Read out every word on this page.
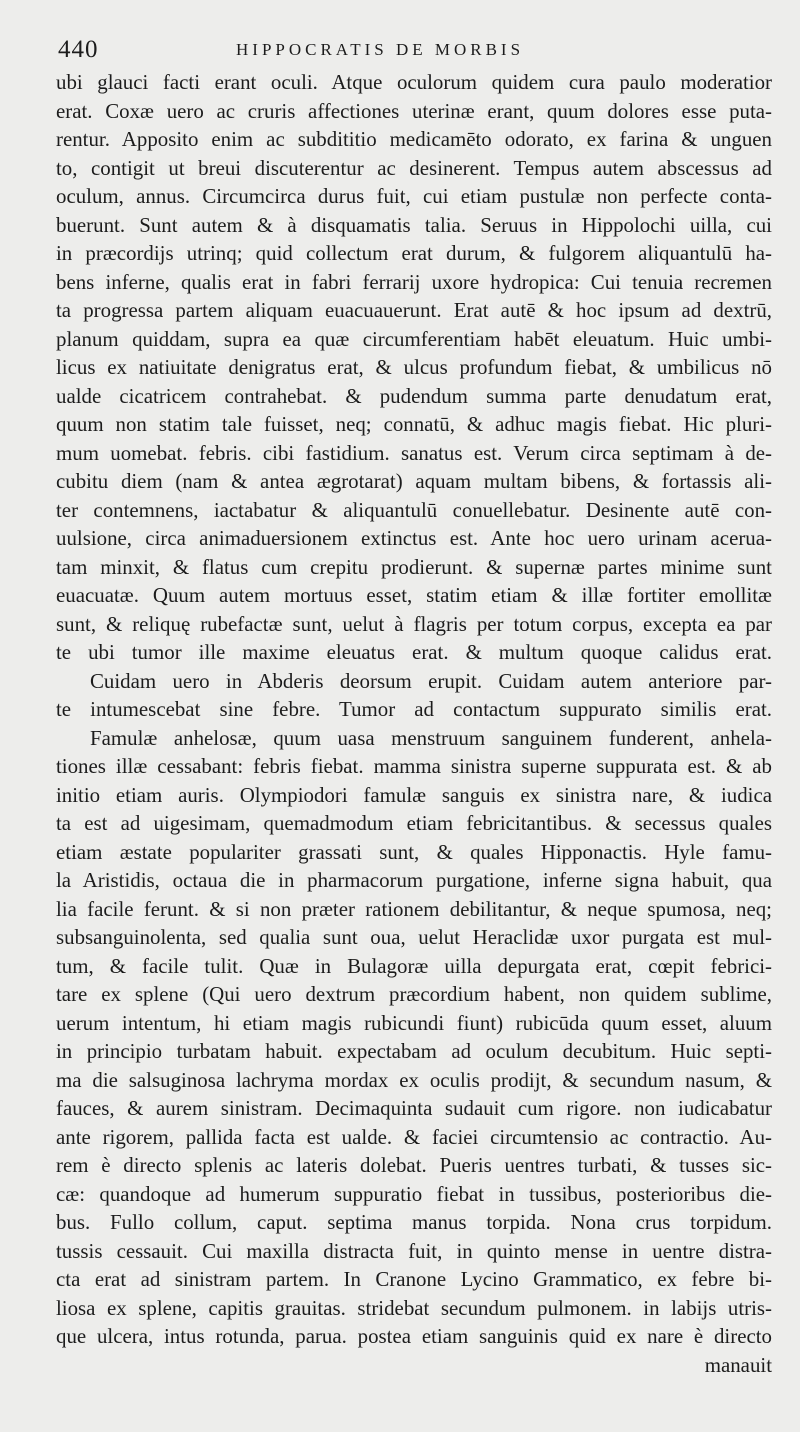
440	HIPPOCRATIS DE MORBIS
ubi glauci facti erant oculi. Atque oculorum quidem cura paulo moderatior
erat. Coxæ uero ac cruris affectiones uterinæ erant, quum dolores esse puta-
rentur. Apposito enim ac subdititio medicamēto odorato, ex farina & unguen
to, contigit ut breui discuterentur ac desinerent. Tempus autem abscessus ad
oculum, annus. Circumcirca durus fuit, cui etiam pustulæ non perfecte conta-
buerunt. Sunt autem & à disquamatis talia. Seruus in Hippolochi uilla, cui
in præcordijs utrinq; quid collectum erat durum, & fulgorem aliquantulū ha-
bens inferne, qualis erat in fabri ferrarij uxore hydropica: Cui tenuia recremen
ta progressa partem aliquam euacuauerunt. Erat autē & hoc ipsum ad dextrū,
planum quiddam, supra ea quæ circumferentiam habēt eleuatum. Huic umbi-
licus ex natiuitate denigratus erat, & ulcus profundum fiebat, & umbilicus nō
ualde cicatricem contrahebat. & pudendum summa parte denudatum erat,
quum non statim tale fuisset, neq; connatū, & adhuc magis fiebat. Hic pluri-
mum uomebat. febris. cibi fastidium. sanatus est. Verum circa septimam à de-
cubitu diem (nam & antea ægrotarat) aquam multam bibens, & fortassis ali-
ter contemnens, iactabatur & aliquantulū conuellebatur. Desinente autē con-
uulsione, circa animaduersionem extinctus est. Ante hoc uero urinam aceruа-
tam minxit, & flatus cum crepitu prodierunt. & supernæ partes minime sunt
euacuatæ. Quum autem mortuus esset, statim etiam & illæ fortiter emollitæ
sunt, & reliquę rubefactæ sunt, uelut à flagris per totum corpus, excepta ea par
te ubi tumor ille maxime eleuatus erat. & multum quoque calidus erat.
Cuidam uero in Abderis deorsum erupit. Cuidam autem anteriore par-
te intumescebat sine febre. Tumor ad contactum suppurato similis erat.
Famulæ anhelosæ, quum uasa menstruum sanguinem funderent, anhela-
tiones illæ cessabant: febris fiebat. mamma sinistra superne suppurata est. & ab
initio etiam auris. Olympiodori famulæ sanguis ex sinistra nare, & iudica
ta est ad uigesimam, quemadmodum etiam febricitantibus. & secessus quales
etiam æstate populariter grassati sunt, & quales Hipponactis. Hyle famu-
la Aristidis, octaua die in pharmacorum purgatione, inferne signa habuit, qua
lia facile ferunt. & si non præter rationem debilitantur, & neque spumosa, neq;
subsanguinolenta, sed qualia sunt oua, uelut Heraclidæ uxor purgata est mul-
tum, & facile tulit. Quæ in Bulagoræ uilla depurgata erat, cœpit febrici-
tare ex splene (Qui uero dextrum præcordium habent, non quidem sublime,
uerum intentum, hi etiam magis rubicundi fiunt) rubicūda quum esset, aluum
in principio turbatam habuit. expectabam ad oculum decubitum. Huic septi-
ma die salsuginosa lachryma mordax ex oculis prodijt, & secundum nasum, &
fauces, & aurem sinistram. Decimaquinta sudauit cum rigore. non iudicabatur
ante rigorem, pallida facta est ualde. & faciei circumtensio ac contractio. Au-
rem è directo splenis ac lateris dolebat. Pueris uentres turbati, & tusses sic-
cæ: quandoque ad humerum suppuratio fiebat in tussibus, posterioribus die-
bus. Fullo collum, caput. septima manus torpida. Nona crus torpidum.
tussis cessauit. Cui maxilla distracta fuit, in quinto mense in uentre distra-
cta erat ad sinistram partem. In Cranone Lycino Grammatico, ex febre bi-
liosa ex splene, capitis grauitas. stridebat secundum pulmonem. in labijs utris-
que ulcera, intus rotunda, parua. postea etiam sanguinis quid ex nare è directo
manauit
